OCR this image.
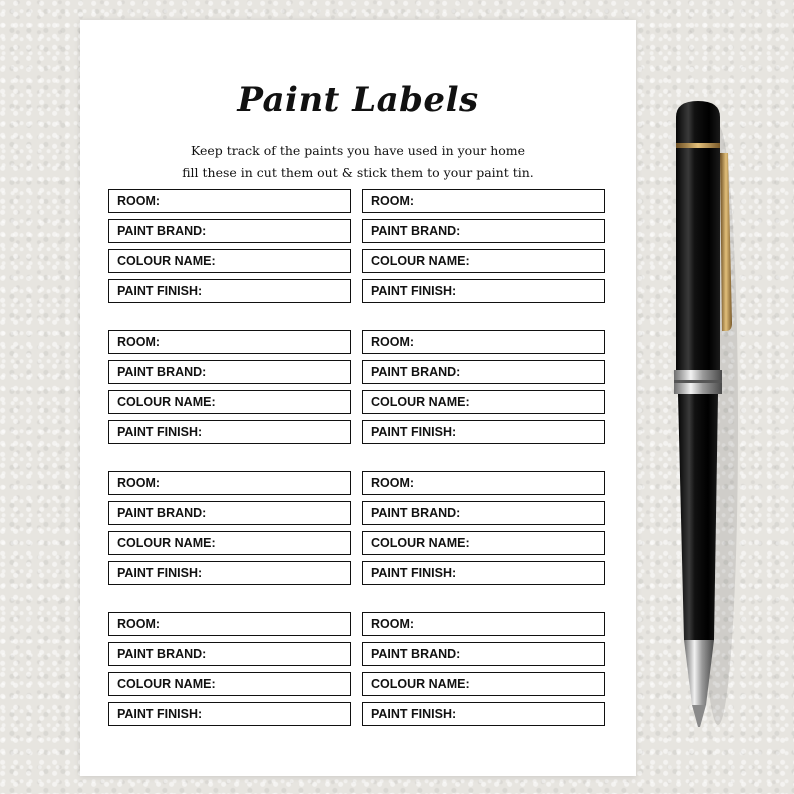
Paint Labels
Keep track of the paints you have used in your home
fill these in cut them out & stick them to your paint tin.
ROOM:
PAINT BRAND:
COLOUR NAME:
PAINT FINISH:
ROOM:
PAINT BRAND:
COLOUR NAME:
PAINT FINISH:
ROOM:
PAINT BRAND:
COLOUR NAME:
PAINT FINISH:
ROOM:
PAINT BRAND:
COLOUR NAME:
PAINT FINISH:
ROOM:
PAINT BRAND:
COLOUR NAME:
PAINT FINISH:
ROOM:
PAINT BRAND:
COLOUR NAME:
PAINT FINISH:
ROOM:
PAINT BRAND:
COLOUR NAME:
PAINT FINISH:
ROOM:
PAINT BRAND:
COLOUR NAME:
PAINT FINISH:
